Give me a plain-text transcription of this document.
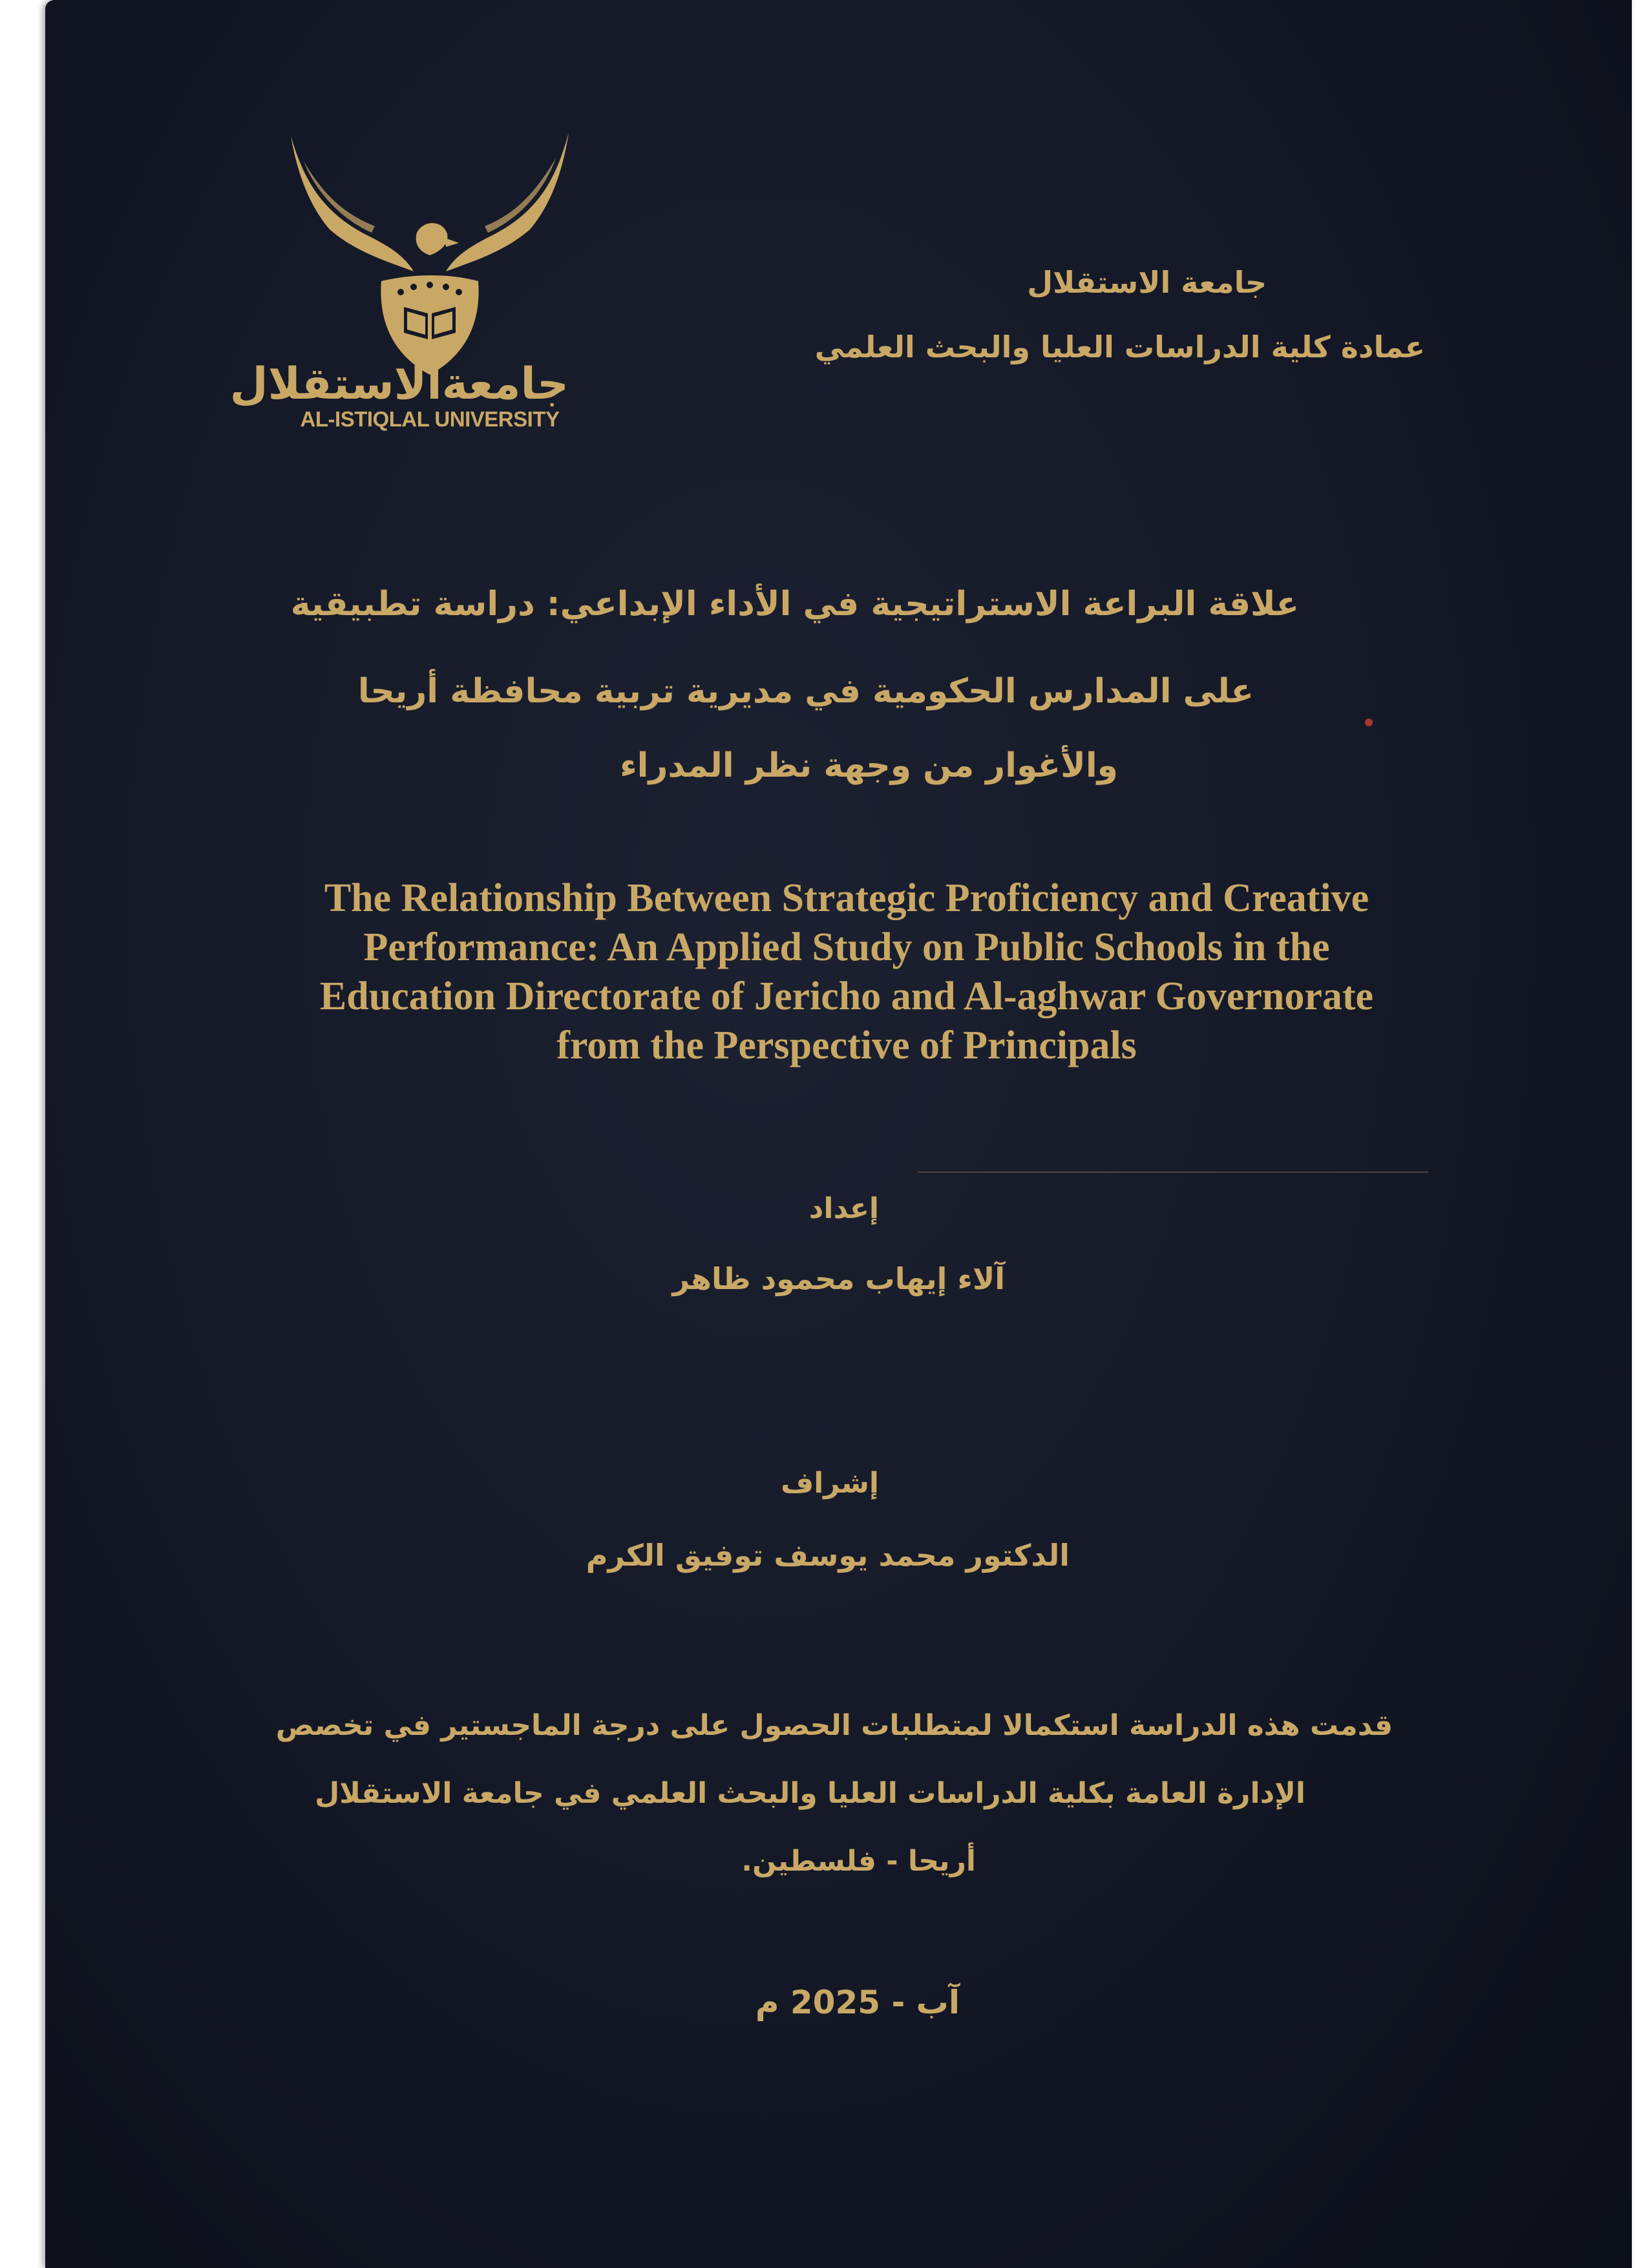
جامعةالاستقلال
AL-ISTIQLAL UNIVERSITY
جامعة الاستقلال
عمادة كلية الدراسات العليا والبحث العلمي
علاقة البراعة الاستراتيجية في الأداء الإبداعي: دراسة تطبيقية
على المدارس الحكومية في مديرية تربية محافظة أريحا
والأغوار من وجهة نظر المدراء
The Relationship Between Strategic Proficiency and Creative
Performance: An Applied Study on Public Schools in the
Education Directorate of Jericho and Al-aghwar Governorate
from the Perspective of Principals
إعداد
آلاء إيهاب محمود ظاهر
إشراف
الدكتور محمد يوسف توفيق الكرم
قدمت هذه الدراسة استكمالا لمتطلبات الحصول على درجة الماجستير في تخصص
الإدارة العامة بكلية الدراسات العليا والبحث العلمي في جامعة الاستقلال
أريحا - فلسطين.
آب - 2025 م
